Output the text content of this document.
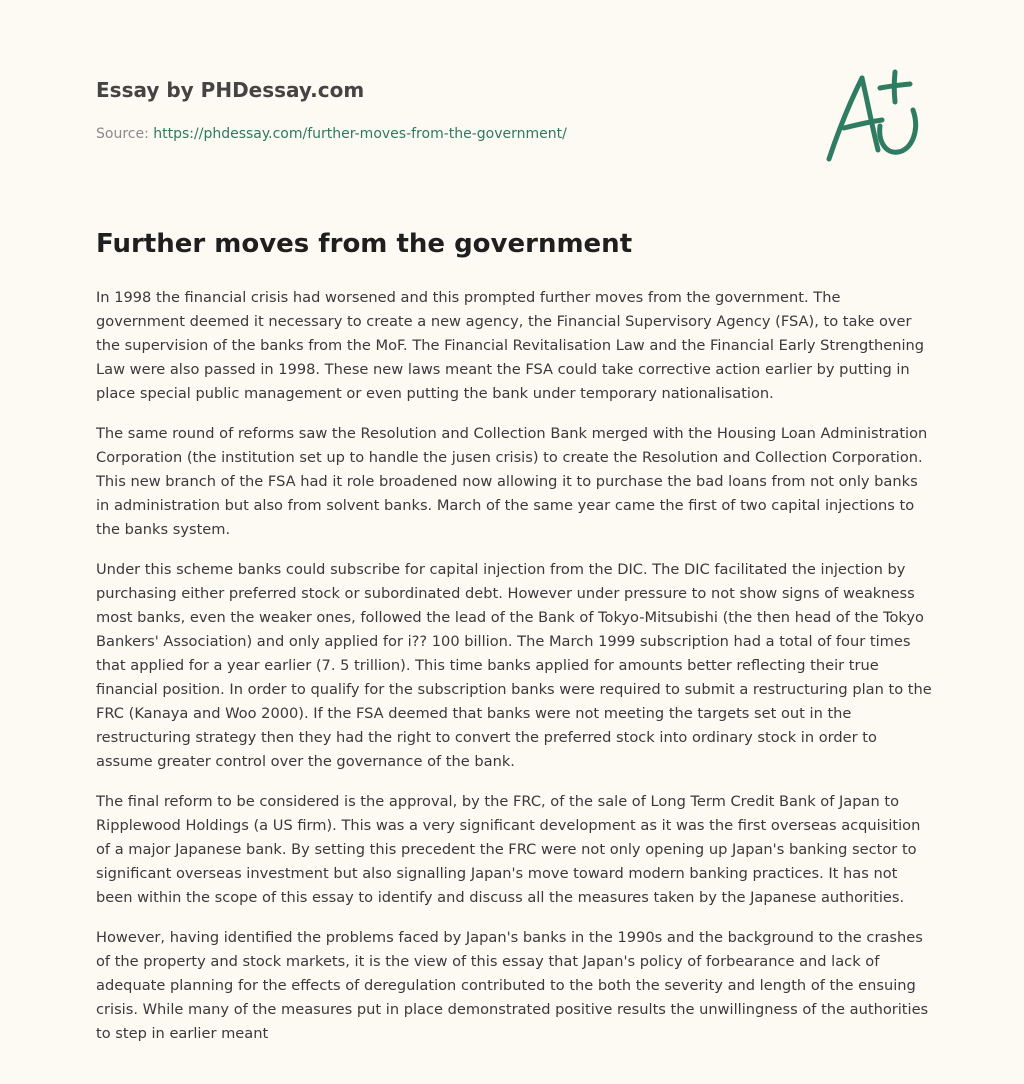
Essay by PHDessay.com
Source: https://phdessay.com/further-moves-from-the-government/
Further moves from the government

In 1998 the financial crisis had worsened and this prompted further moves from the government. The government deemed it necessary to create a new agency, the Financial Supervisory Agency (FSA), to take over the supervision of the banks from the MoF. The Financial Revitalisation Law and the Financial Early Strengthening Law were also passed in 1998. These new laws meant the FSA could take corrective action earlier by putting in place special public management or even putting the bank under temporary nationalisation.

The same round of reforms saw the Resolution and Collection Bank merged with the Housing Loan Administration Corporation (the institution set up to handle the jusen crisis) to create the Resolution and Collection Corporation. This new branch of the FSA had it role broadened now allowing it to purchase the bad loans from not only banks in administration but also from solvent banks. March of the same year came the first of two capital injections to the banks system.

Under this scheme banks could subscribe for capital injection from the DIC. The DIC facilitated the injection by purchasing either preferred stock or subordinated debt. However under pressure to not show signs of weakness most banks, even the weaker ones, followed the lead of the Bank of Tokyo-Mitsubishi (the then head of the Tokyo Bankers' Association) and only applied for i?? 100 billion. The March 1999 subscription had a total of four times that applied for a year earlier (7. 5 trillion). This time banks applied for amounts better reflecting their true financial position. In order to qualify for the subscription banks were required to submit a restructuring plan to the FRC (Kanaya and Woo 2000). If the FSA deemed that banks were not meeting the targets set out in the restructuring strategy then they had the right to convert the preferred stock into ordinary stock in order to assume greater control over the governance of the bank.

The final reform to be considered is the approval, by the FRC, of the sale of Long Term Credit Bank of Japan to Ripplewood Holdings (a US firm). This was a very significant development as it was the first overseas acquisition of a major Japanese bank. By setting this precedent the FRC were not only opening up Japan's banking sector to significant overseas investment but also signalling Japan's move toward modern banking practices. It has not been within the scope of this essay to identify and discuss all the measures taken by the Japanese authorities.

However, having identified the problems faced by Japan's banks in the 1990s and the background to the crashes of the property and stock markets, it is the view of this essay that Japan's policy of forbearance and lack of adequate planning for the effects of deregulation contributed to the both the severity and length of the ensuing crisis. While many of the measures put in place demonstrated positive results the unwillingness of the authorities to step in earlier meant
